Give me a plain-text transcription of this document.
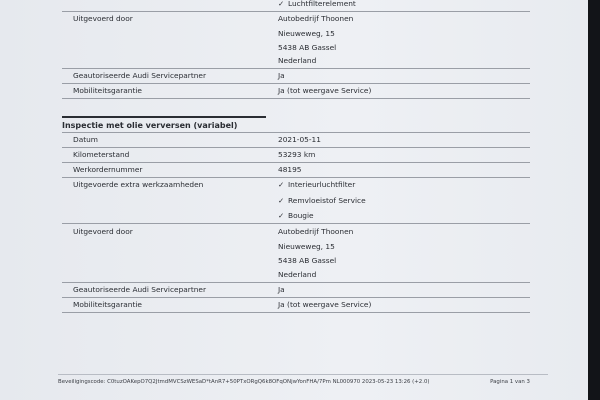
✓ Luchtfilterelement
Uitgevoerd door	Autobedrijf Thoonen
Nieuweweg, 15
5438 AB Gassel
Nederland
Geautoriseerde Audi Servicepartner	Ja
Mobiliteitsgarantie	Ja (tot weergave Service)
Inspectie met olie verversen (variabel)
Datum	2021-05-11
Kilometerstand	53293 km
Werkordernummer	48195
Uitgevoerde extra werkzaamheden	✓ Interieurluchtfilter
✓ Remvloeistof Service
✓ Bougie
Uitgevoerd door	Autobedrijf Thoonen
Nieuweweg, 15
5438 AB Gassel
Nederland
Geautoriseerde Audi Servicepartner	Ja
Mobiliteitsgarantie	Ja (tot weergave Service)
Beveiligingscode: C0tuzOAKepO7Q2JtmdMVCSzWESaD*tAnR7+50PTxORgQ6k8OFqONjwYonFHA/7Pm NL000970 2023-05-23 13:26 (+2.0)	Pagina 1 van 3
